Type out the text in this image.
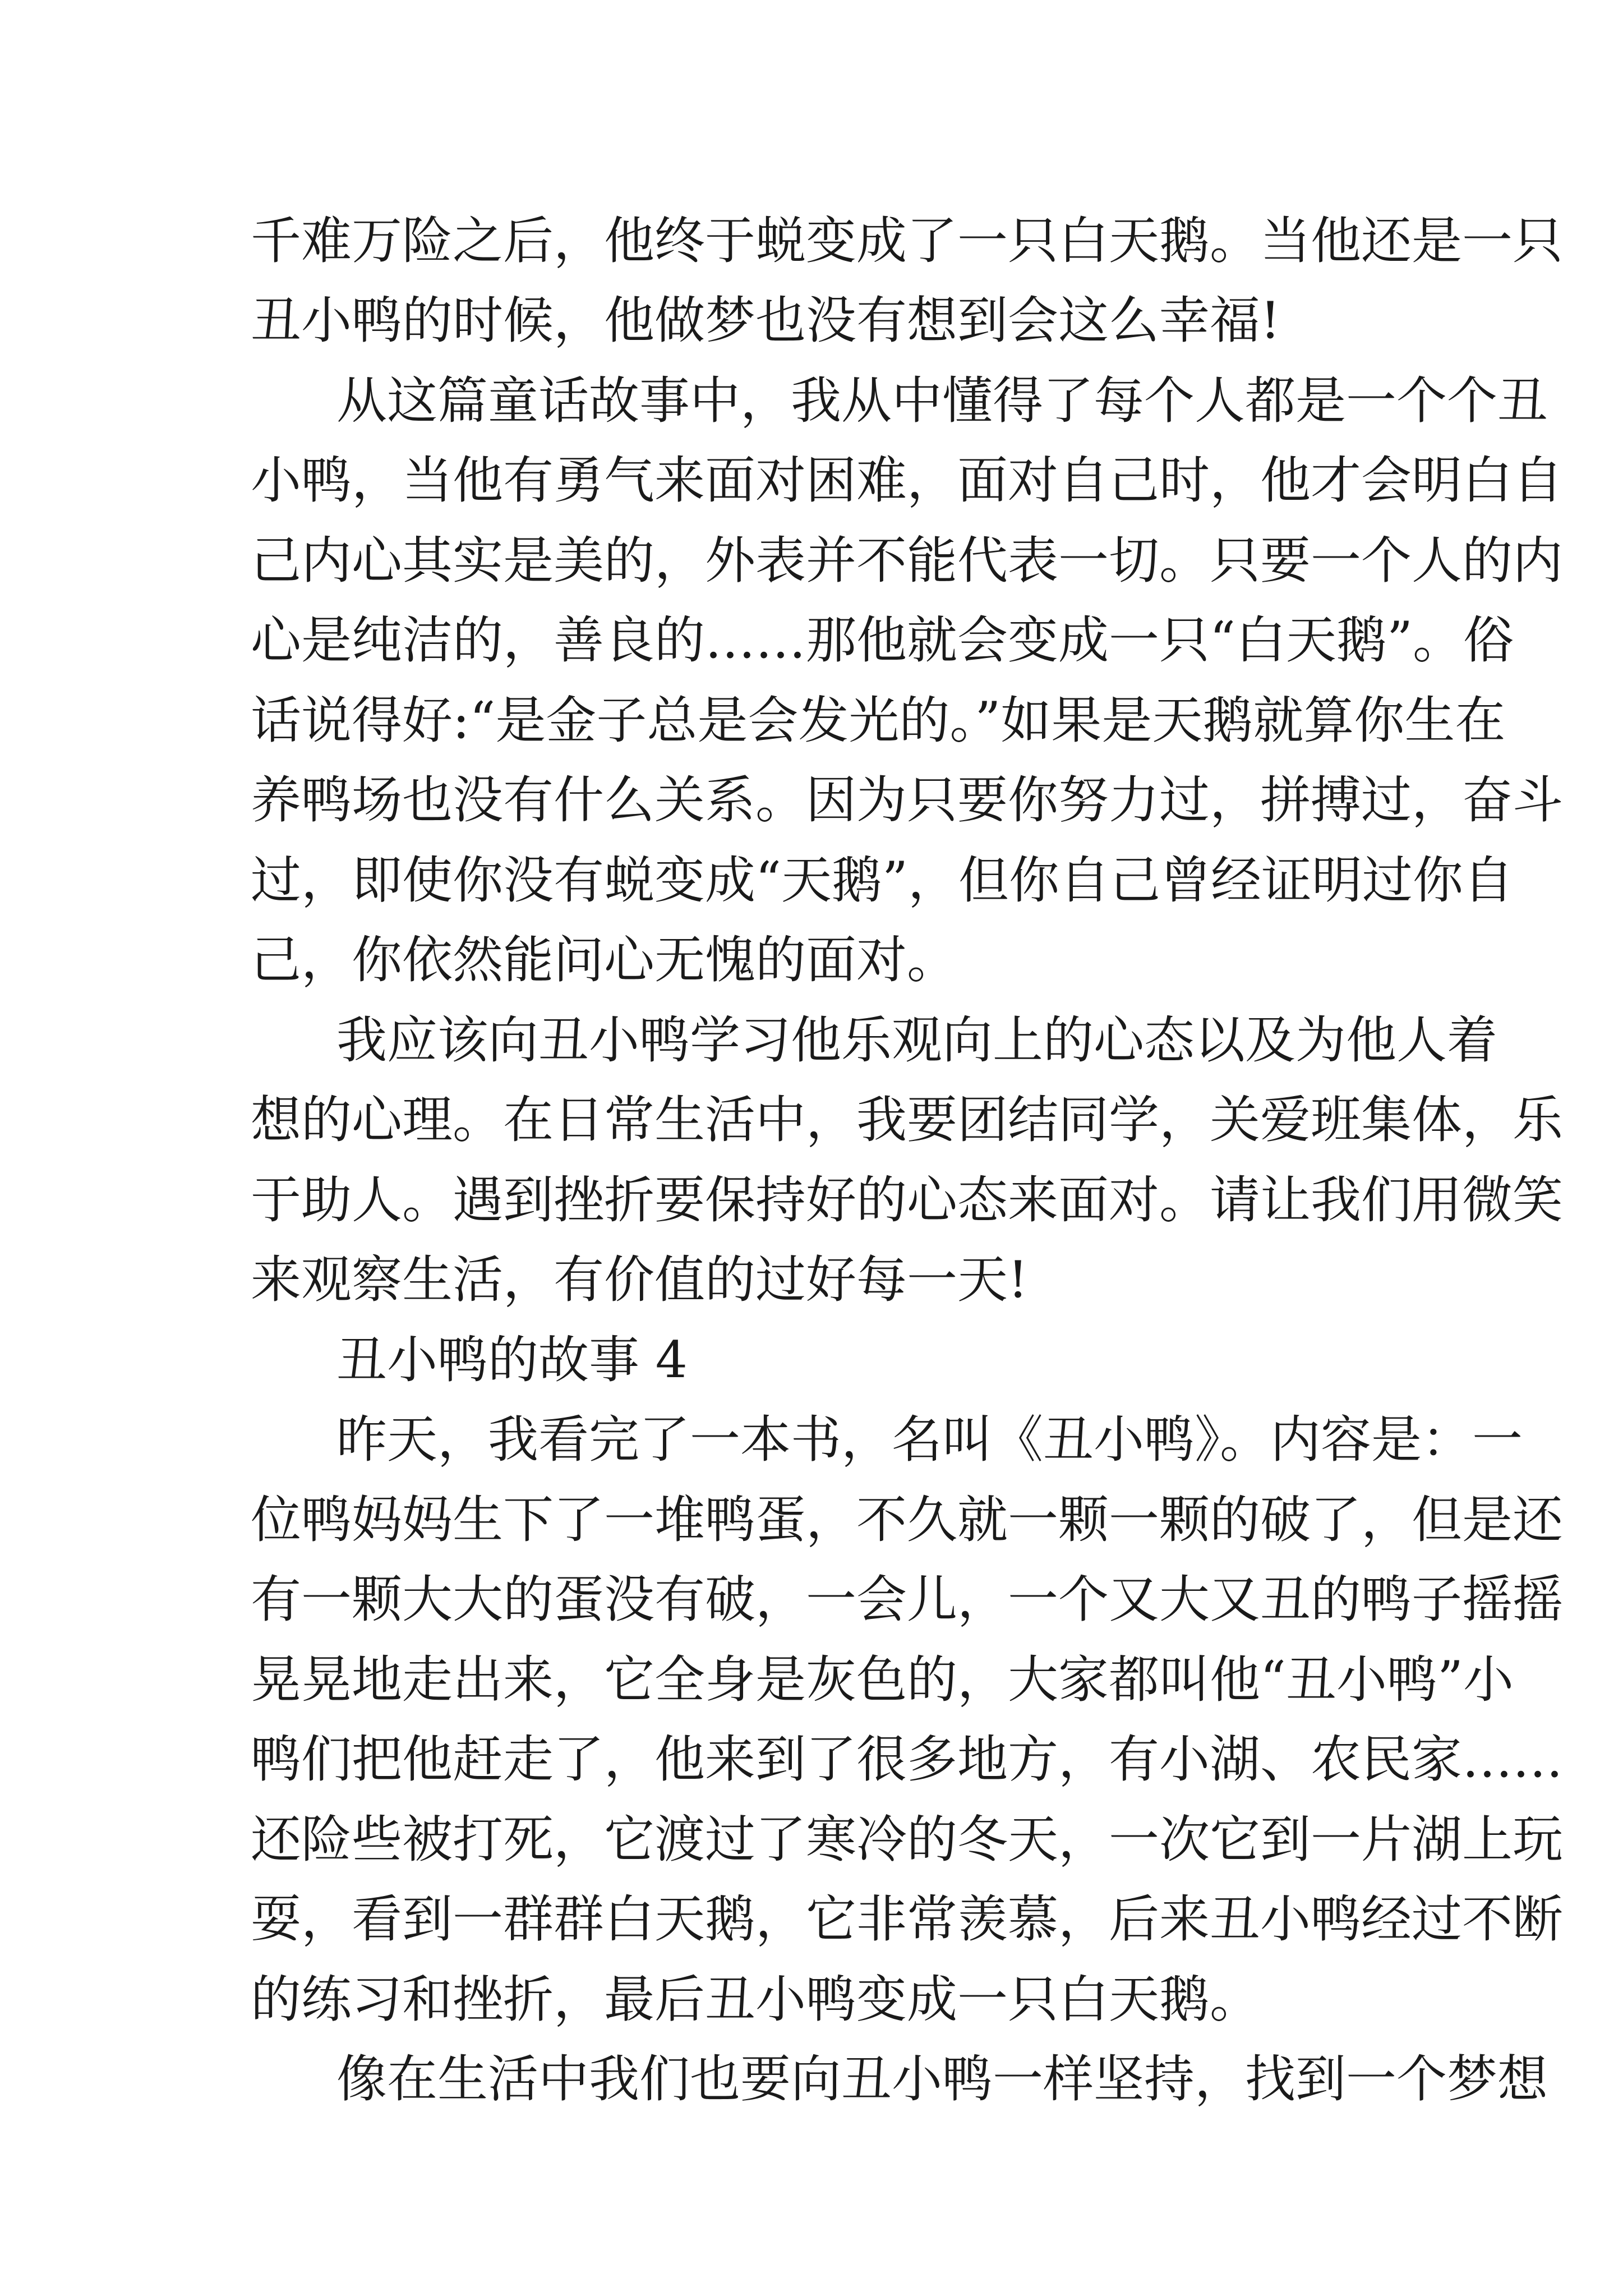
千难万险之后，他终于蜕变成了一只白天鹅。当他还是一只
丑小鸭的时候，他做梦也没有想到会这么幸福!
从这篇童话故事中，我从中懂得了每个人都是一个个丑
小鸭，当他有勇气来面对困难，面对自己时，他才会明白自
己内心其实是美的，外表并不能代表一切。只要一个人的内
心是纯洁的，善良的……那他就会变成一只“白天鹅”。俗
话说得好:“是金子总是会发光的。”如果是天鹅就算你生在
养鸭场也没有什么关系。因为只要你努力过，拼搏过，奋斗
过，即使你没有蜕变成“天鹅”，但你自己曾经证明过你自
己，你依然能问心无愧的面对。
我应该向丑小鸭学习他乐观向上的心态以及为他人着
想的心理。在日常生活中，我要团结同学，关爱班集体，乐
于助人。遇到挫折要保持好的心态来面对。请让我们用微笑
来观察生活，有价值的过好每一天!
丑小鸭的故事 4
昨天，我看完了一本书，名叫《丑小鸭》。内容是：一
位鸭妈妈生下了一堆鸭蛋，不久就一颗一颗的破了，但是还
有一颗大大的蛋没有破，一会儿，一个又大又丑的鸭子摇摇
晃晃地走出来，它全身是灰色的，大家都叫他“丑小鸭”小
鸭们把他赶走了，他来到了很多地方，有小湖、农民家……
还险些被打死，它渡过了寒冷的冬天，一次它到一片湖上玩
耍，看到一群群白天鹅，它非常羡慕，后来丑小鸭经过不断
的练习和挫折，最后丑小鸭变成一只白天鹅。
像在生活中我们也要向丑小鸭一样坚持，找到一个梦想
